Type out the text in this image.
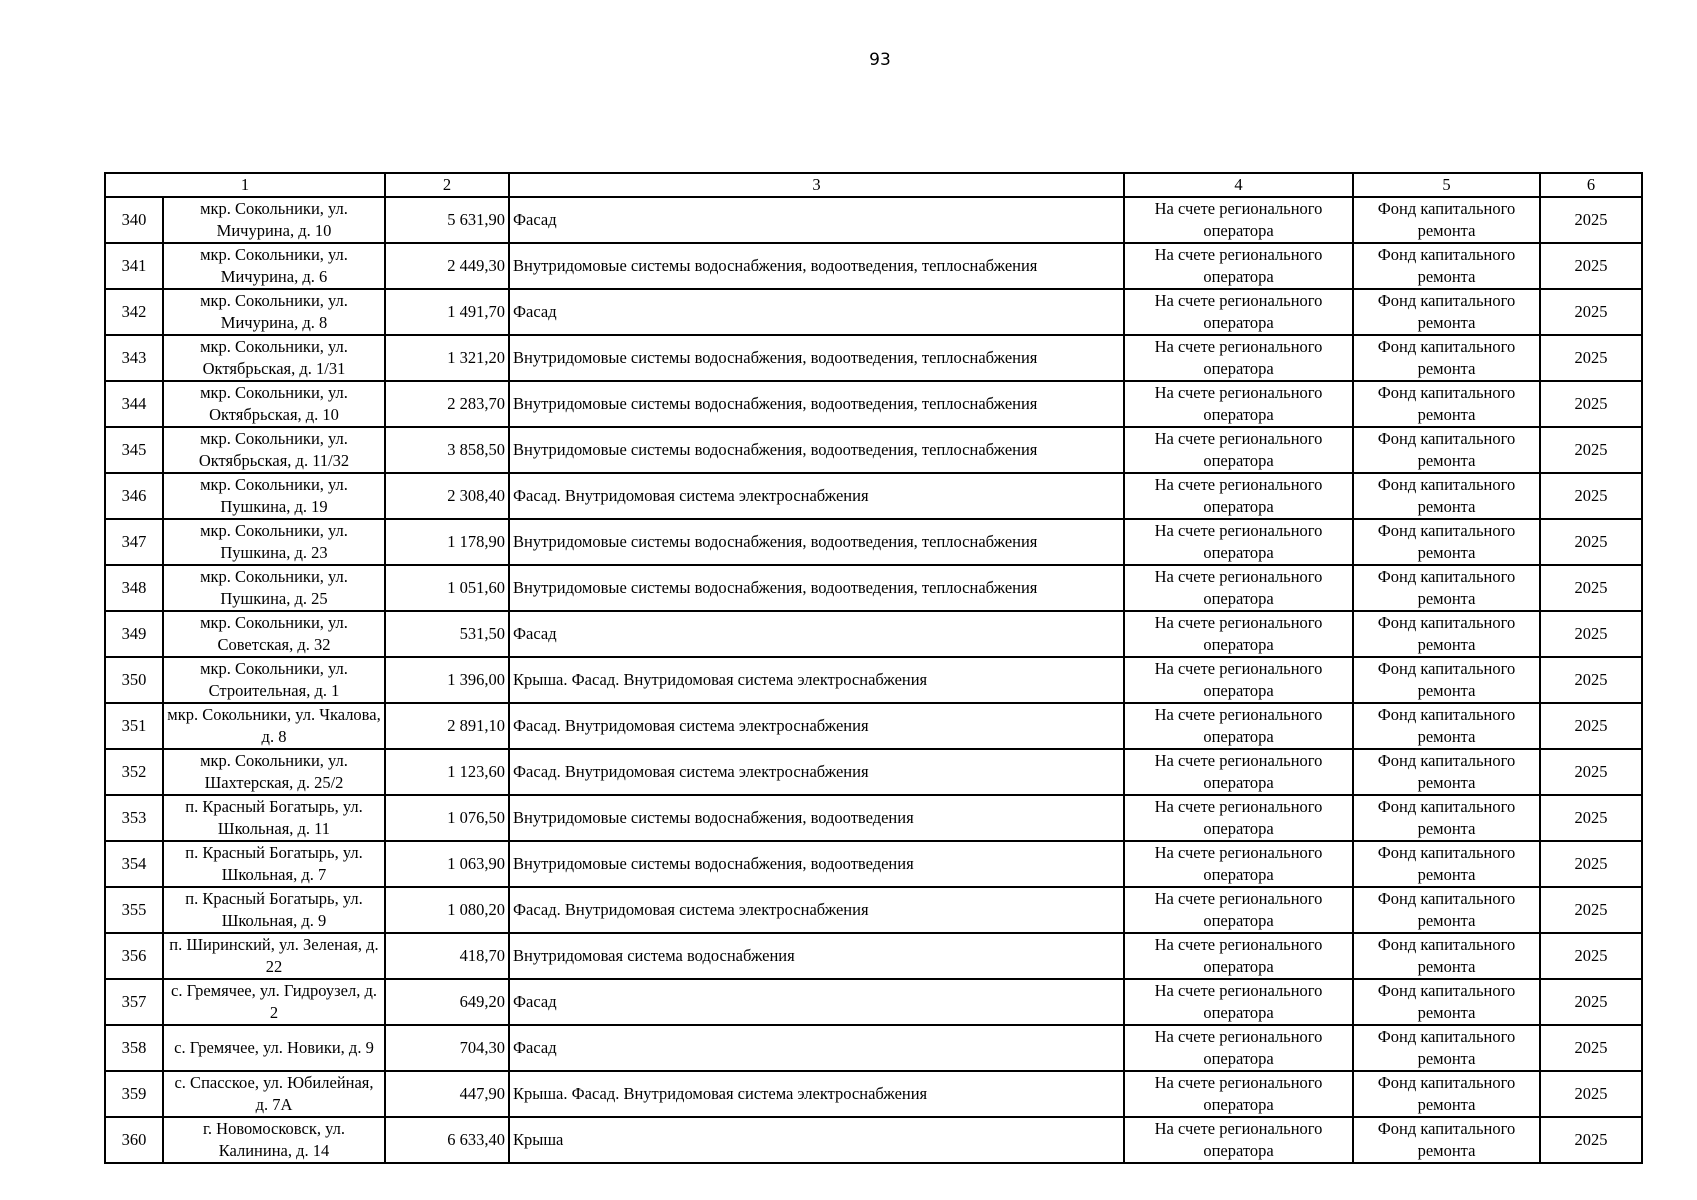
93
1		2	3	4	5	6
340	мкр. Сокольники, ул. Мичурина, д. 10	5 631,90	Фасад	На счете регионального оператора	Фонд капитального ремонта	2025
341	мкр. Сокольники, ул. Мичурина, д. 6	2 449,30	Внутридомовые системы водоснабжения, водоотведения, теплоснабжения	На счете регионального оператора	Фонд капитального ремонта	2025
342	мкр. Сокольники, ул. Мичурина, д. 8	1 491,70	Фасад	На счете регионального оператора	Фонд капитального ремонта	2025
343	мкр. Сокольники, ул. Октябрьская, д. 1/31	1 321,20	Внутридомовые системы водоснабжения, водоотведения, теплоснабжения	На счете регионального оператора	Фонд капитального ремонта	2025
344	мкр. Сокольники, ул. Октябрьская, д. 10	2 283,70	Внутридомовые системы водоснабжения, водоотведения, теплоснабжения	На счете регионального оператора	Фонд капитального ремонта	2025
345	мкр. Сокольники, ул. Октябрьская, д. 11/32	3 858,50	Внутридомовые системы водоснабжения, водоотведения, теплоснабжения	На счете регионального оператора	Фонд капитального ремонта	2025
346	мкр. Сокольники, ул. Пушкина, д. 19	2 308,40	Фасад. Внутридомовая система электроснабжения	На счете регионального оператора	Фонд капитального ремонта	2025
347	мкр. Сокольники, ул. Пушкина, д. 23	1 178,90	Внутридомовые системы водоснабжения, водоотведения, теплоснабжения	На счете регионального оператора	Фонд капитального ремонта	2025
348	мкр. Сокольники, ул. Пушкина, д. 25	1 051,60	Внутридомовые системы водоснабжения, водоотведения, теплоснабжения	На счете регионального оператора	Фонд капитального ремонта	2025
349	мкр. Сокольники, ул. Советская, д. 32	531,50	Фасад	На счете регионального оператора	Фонд капитального ремонта	2025
350	мкр. Сокольники, ул. Строительная, д. 1	1 396,00	Крыша. Фасад. Внутридомовая система электроснабжения	На счете регионального оператора	Фонд капитального ремонта	2025
351	мкр. Сокольники, ул. Чкалова, д. 8	2 891,10	Фасад. Внутридомовая система электроснабжения	На счете регионального оператора	Фонд капитального ремонта	2025
352	мкр. Сокольники, ул. Шахтерская, д. 25/2	1 123,60	Фасад. Внутридомовая система электроснабжения	На счете регионального оператора	Фонд капитального ремонта	2025
353	п. Красный Богатырь, ул. Школьная, д. 11	1 076,50	Внутридомовые системы водоснабжения, водоотведения	На счете регионального оператора	Фонд капитального ремонта	2025
354	п. Красный Богатырь, ул. Школьная, д. 7	1 063,90	Внутридомовые системы водоснабжения, водоотведения	На счете регионального оператора	Фонд капитального ремонта	2025
355	п. Красный Богатырь, ул. Школьная, д. 9	1 080,20	Фасад. Внутридомовая система электроснабжения	На счете регионального оператора	Фонд капитального ремонта	2025
356	п. Ширинский, ул. Зеленая, д. 22	418,70	Внутридомовая система водоснабжения	На счете регионального оператора	Фонд капитального ремонта	2025
357	с. Гремячее, ул. Гидроузел, д. 2	649,20	Фасад	На счете регионального оператора	Фонд капитального ремонта	2025
358	с. Гремячее, ул. Новики, д. 9	704,30	Фасад	На счете регионального оператора	Фонд капитального ремонта	2025
359	с. Спасское, ул. Юбилейная, д. 7А	447,90	Крыша. Фасад. Внутридомовая система электроснабжения	На счете регионального оператора	Фонд капитального ремонта	2025
360	г. Новомосковск, ул. Калинина, д. 14	6 633,40	Крыша	На счете регионального оператора	Фонд капитального ремонта	2025
